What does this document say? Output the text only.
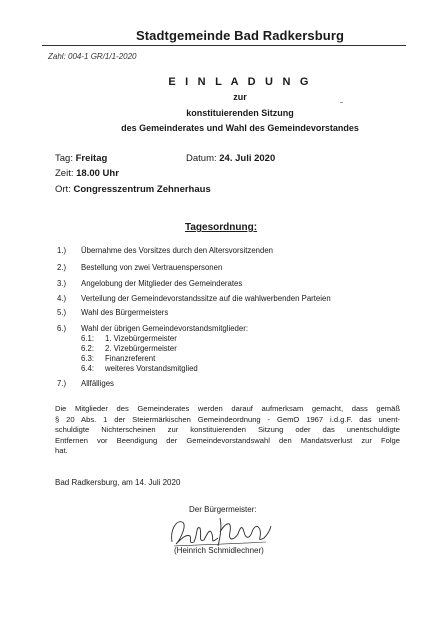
Stadtgemeinde Bad Radkersburg
Zahl: 004-1 GR/1/1-2020
E I N L A D U N G
zur
konstituierenden Sitzung
des Gemeinderates und Wahl des Gemeindevorstandes
Tag: Freitag	Datum: 24. Juli 2020
Zeit: 18.00 Uhr
Ort: Congresszentrum Zehnerhaus
Tagesordnung:
1.) Übernahme des Vorsitzes durch den Altersvorsitzenden
2.) Bestellung von zwei Vertrauenspersonen
3.) Angelobung der Mitglieder des Gemeinderates
4.) Verteilung der Gemeindevorstandssitze auf die wahlwerbenden Parteien
5.) Wahl des Bürgermeisters
6.) Wahl der übrigen Gemeindevorstandsmitglieder:
6.1: 1. Vizebürgermeister
6.2: 2. Vizebürgermeister
6.3: Finanzreferent
6.4: weiteres Vorstandsmitglied
7.) Allfälliges
Die Mitglieder des Gemeinderates werden darauf aufmerksam gemacht, dass gemäß
§ 20 Abs. 1 der Steiermärkischen Gemeindeordnung - GemO 1967 i.d.g.F. das unent-
schuldigte Nichterscheinen zur konstituierenden Sitzung oder das unentschuldigte
Entfernen vor Beendigung der Gemeindevorstandswahl den Mandatsverlust zur Folge
hat.
Bad Radkersburg, am 14. Juli 2020
Der Bürgermeister:
(Heinrich Schmidlechner)
